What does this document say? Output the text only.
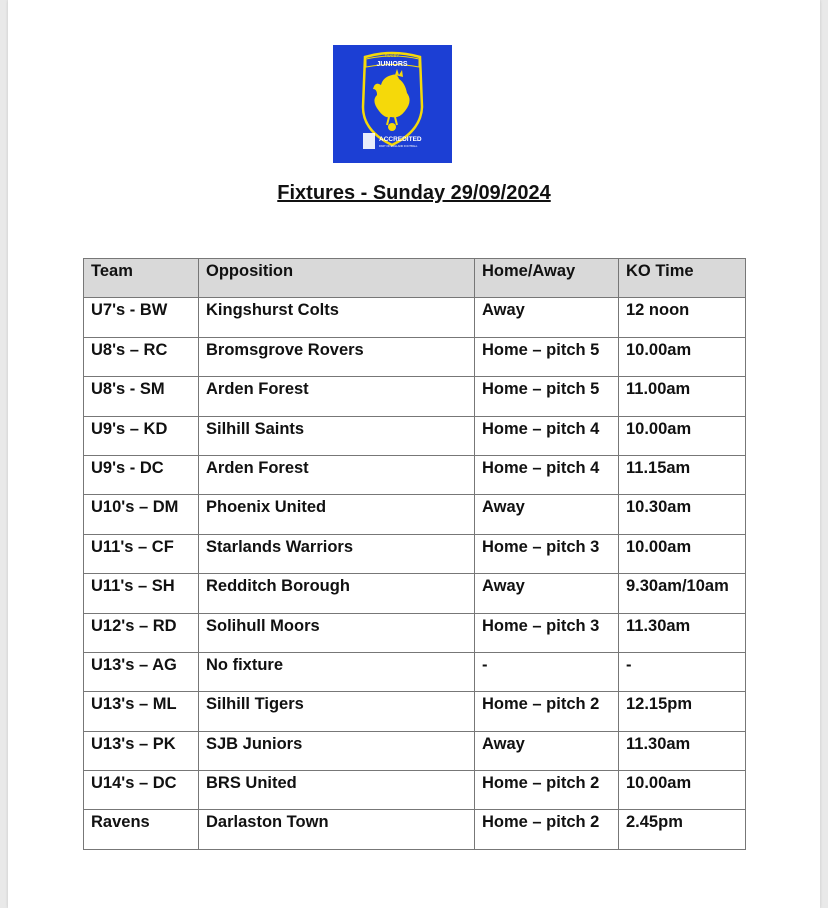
RUGBY
JUNIORS
ACCREDITED
PART OF ENGLAND FOOTBALL
Fixtures - Sunday 29/09/2024
Team	Opposition	Home/Away	KO Time
U7's - BW	Kingshurst Colts	Away	12 noon
U8's – RC	Bromsgrove Rovers	Home – pitch 5	10.00am
U8's - SM	Arden Forest	Home – pitch 5	11.00am
U9's – KD	Silhill Saints	Home – pitch 4	10.00am
U9's - DC	Arden Forest	Home – pitch 4	11.15am
U10's – DM	Phoenix United	Away	10.30am
U11's – CF	Starlands Warriors	Home – pitch 3	10.00am
U11's – SH	Redditch Borough	Away	9.30am/10am
U12's – RD	Solihull Moors	Home – pitch 3	11.30am
U13's – AG	No fixture	-	-
U13's – ML	Silhill Tigers	Home – pitch 2	12.15pm
U13's – PK	SJB Juniors	Away	11.30am
U14's – DC	BRS United	Home – pitch 2	10.00am
Ravens	Darlaston Town	Home – pitch 2	2.45pm
